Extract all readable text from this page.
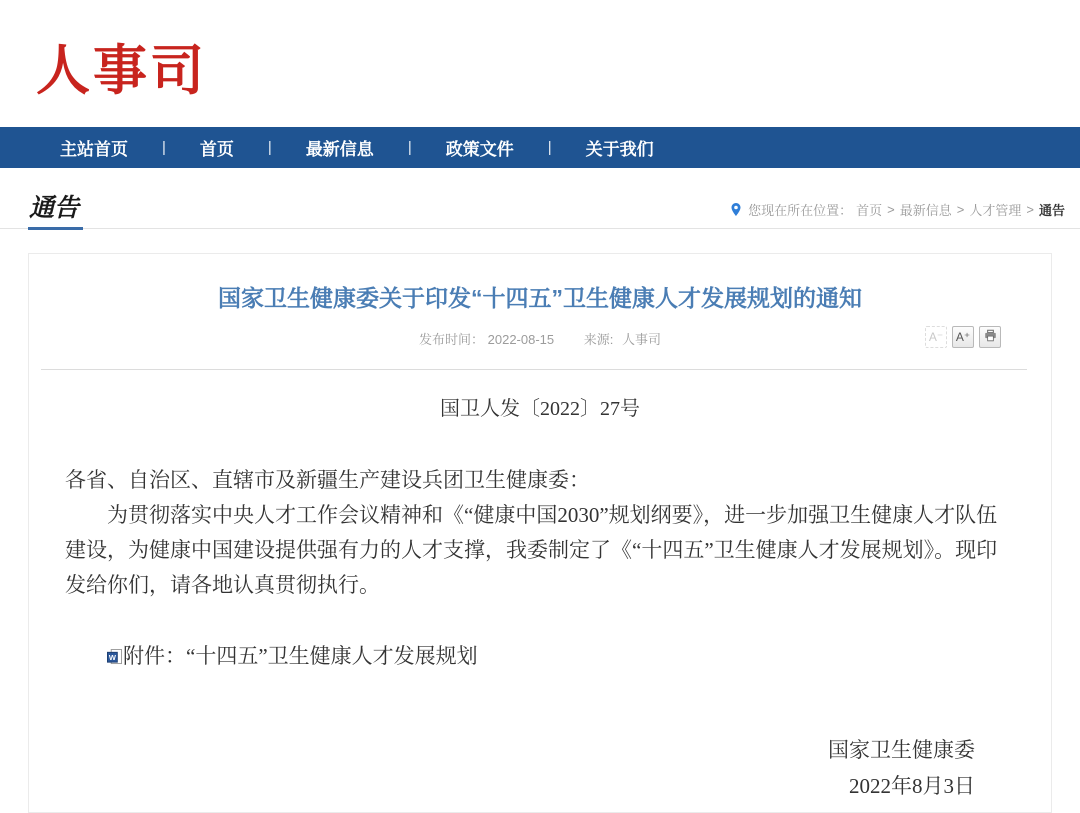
人事司
主站首页 | 首页 | 最新信息 | 政策文件 | 关于我们
通告	您现在所在位置： 首页 > 最新信息 > 人才管理 > 通告
国家卫生健康委关于印发“十四五”卫生健康人才发展规划的通知
发布时间： 2022-08-15 来源: 人事司	A⁻	A⁺
国卫人发〔2022〕27号

各省、自治区、直辖市及新疆生产建设兵团卫生健康委：

为贯彻落实中央人才工作会议精神和《“健康中国2030”规划纲要》，进一步加强卫生健康人才队伍建设，为健康中国建设提供强有力的人才支撑，我委制定了《“十四五”卫生健康人才发展规划》。现印发给你们，请各地认真贯彻执行。

W 附件：“十四五”卫生健康人才发展规划

国家卫生健康委
2022年8月3日
